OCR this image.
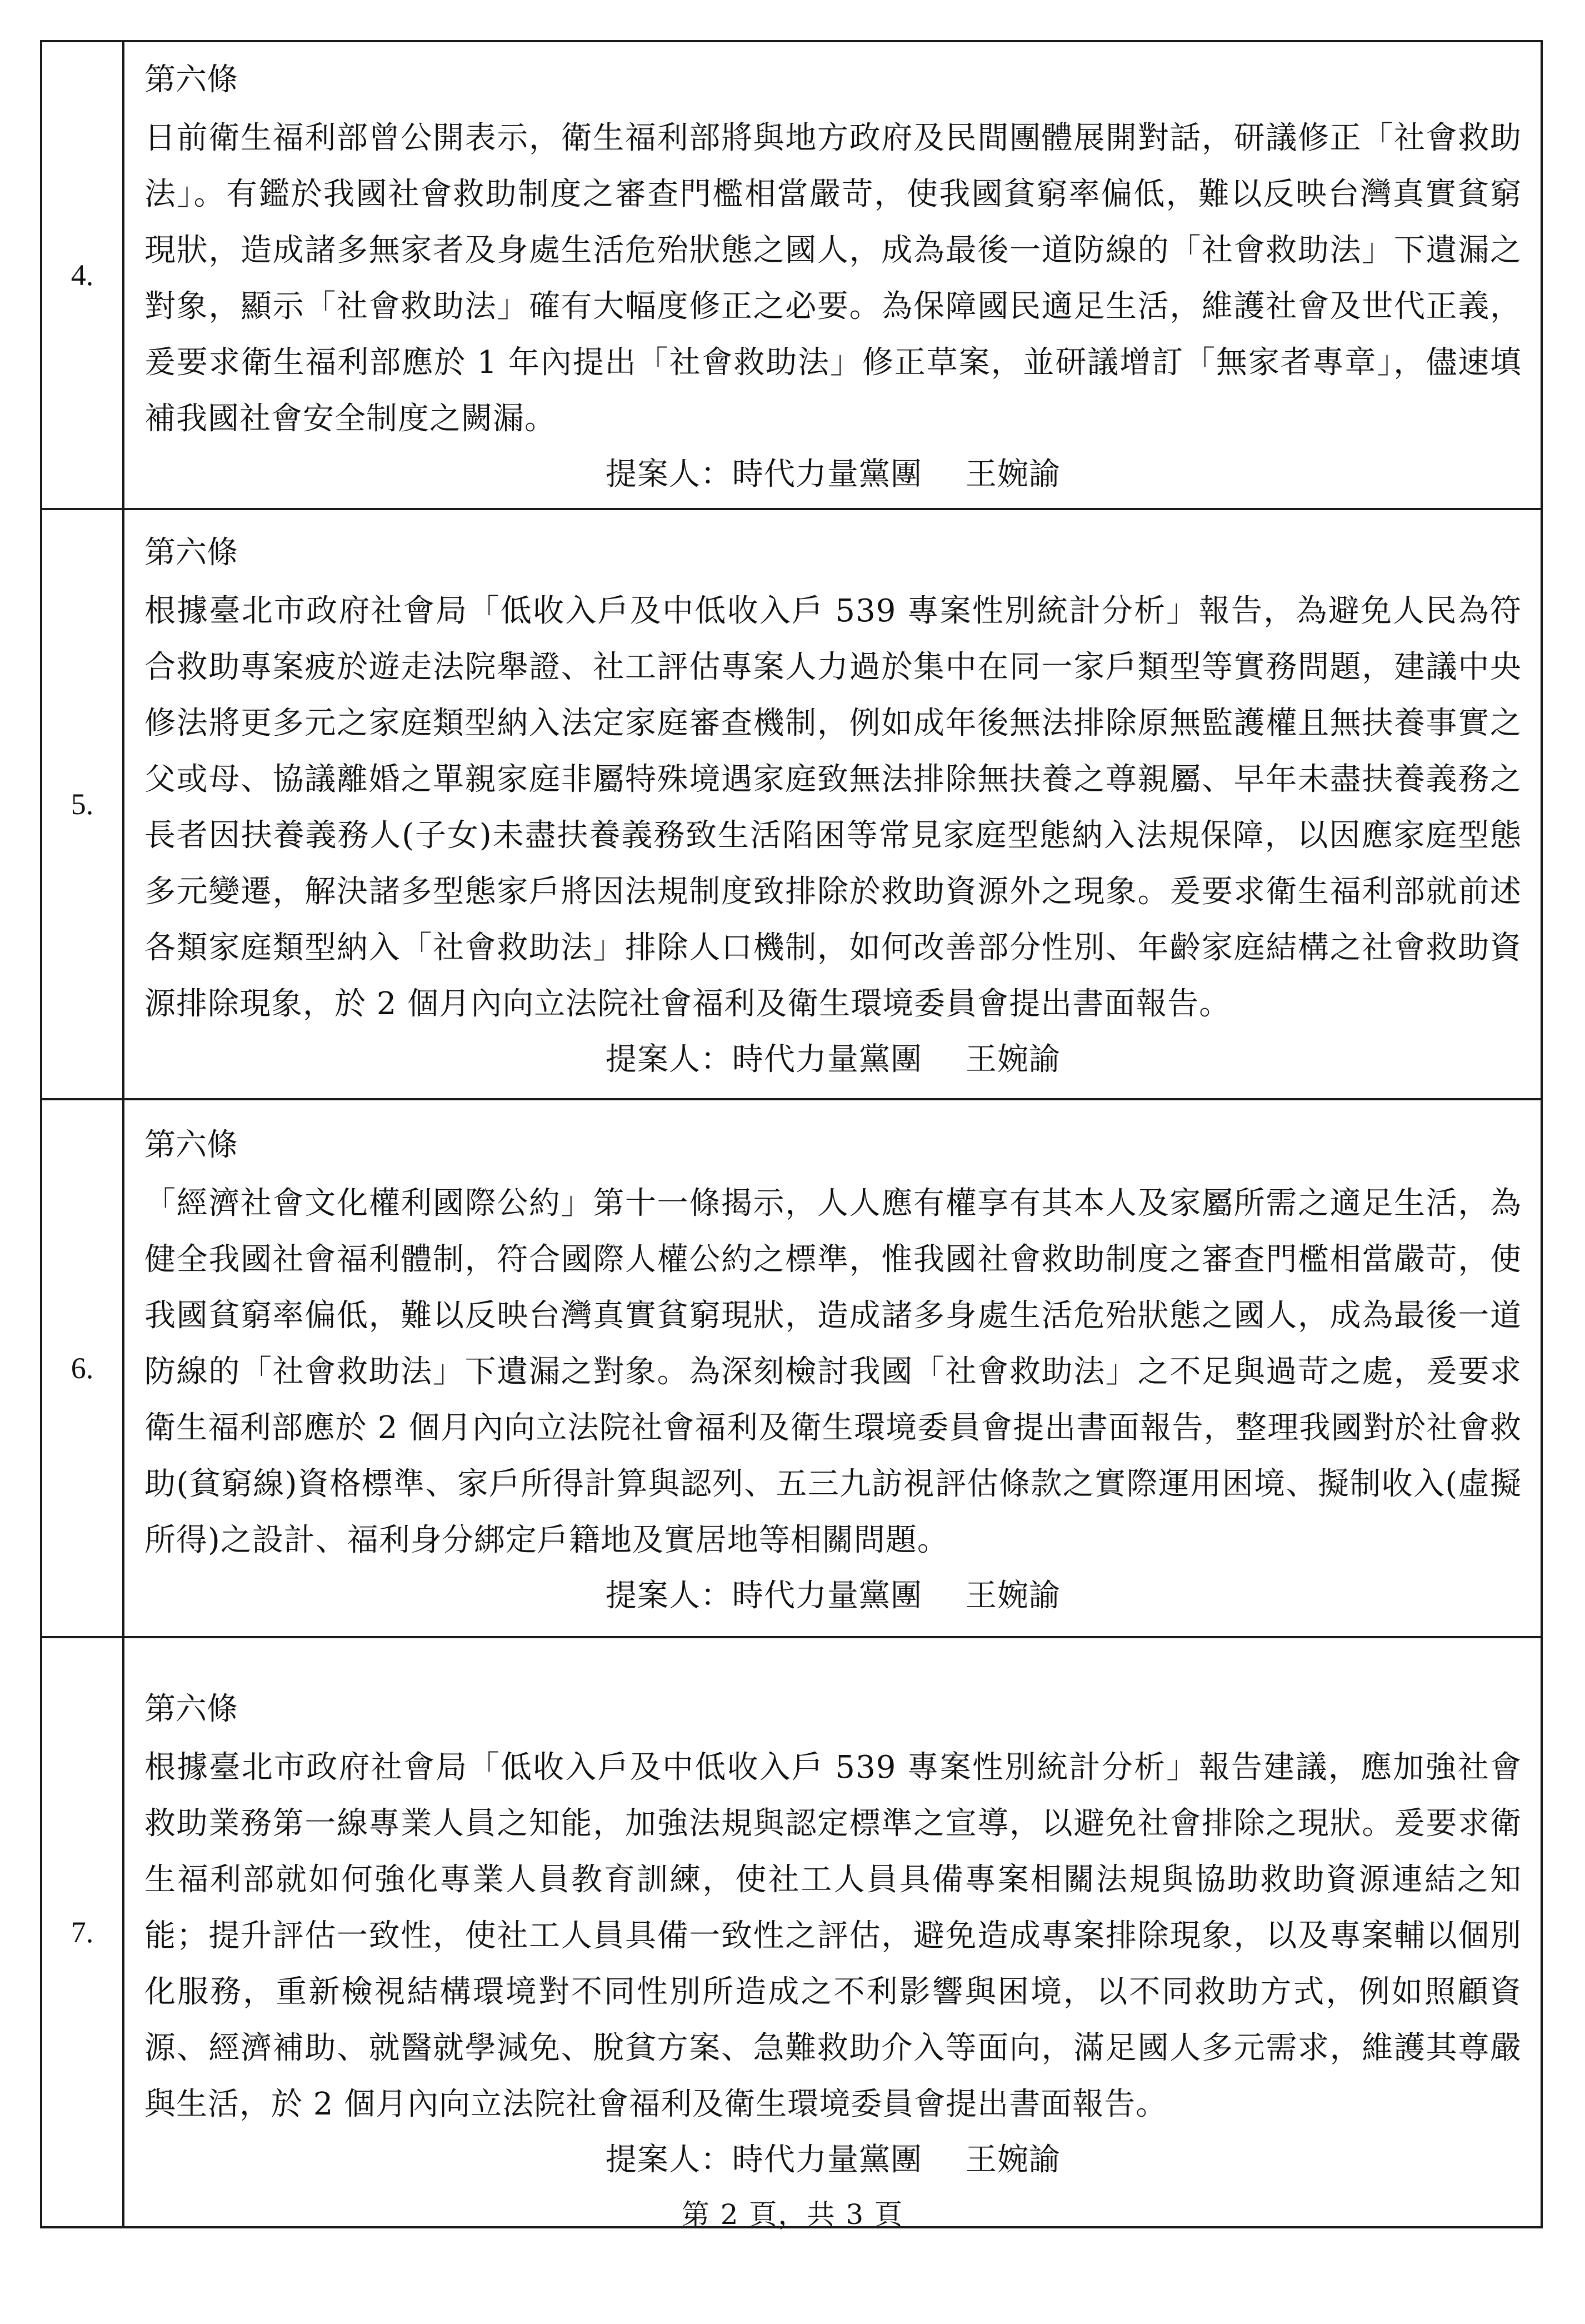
4.	第六條
日前衛生福利部曾公開表示，衛生福利部將與地方政府及民間團體展開對話，研議修正「社會救助法」。有鑑於我國社會救助制度之審查門檻相當嚴苛，使我國貧窮率偏低，難以反映台灣真實貧窮現狀，造成諸多無家者及身處生活危殆狀態之國人，成為最後一道防線的「社會救助法」下遺漏之對象，顯示「社會救助法」確有大幅度修正之必要。為保障國民適足生活，維護社會及世代正義，爰要求衛生福利部應於 1 年內提出「社會救助法」修正草案，並研議增訂「無家者專章」，儘速填補我國社會安全制度之闕漏。
提案人：時代力量黨團 王婉諭

5.	第六條
根據臺北市政府社會局「低收入戶及中低收入戶 539 專案性別統計分析」報告，為避免人民為符合救助專案疲於遊走法院舉證、社工評估專案人力過於集中在同一家戶類型等實務問題，建議中央修法將更多元之家庭類型納入法定家庭審查機制，例如成年後無法排除原無監護權且無扶養事實之父或母、協議離婚之單親家庭非屬特殊境遇家庭致無法排除無扶養之尊親屬、早年未盡扶養義務之長者因扶養義務人(子女)未盡扶養義務致生活陷困等常見家庭型態納入法規保障，以因應家庭型態多元變遷，解決諸多型態家戶將因法規制度致排除於救助資源外之現象。爰要求衛生福利部就前述各類家庭類型納入「社會救助法」排除人口機制，如何改善部分性別、年齡家庭結構之社會救助資源排除現象，於 2 個月內向立法院社會福利及衛生環境委員會提出書面報告。
提案人：時代力量黨團 王婉諭

6.	第六條
「經濟社會文化權利國際公約」第十一條揭示，人人應有權享有其本人及家屬所需之適足生活，為健全我國社會福利體制，符合國際人權公約之標準，惟我國社會救助制度之審查門檻相當嚴苛，使我國貧窮率偏低，難以反映台灣真實貧窮現狀，造成諸多身處生活危殆狀態之國人，成為最後一道防線的「社會救助法」下遺漏之對象。為深刻檢討我國「社會救助法」之不足與過苛之處，爰要求衛生福利部應於 2 個月內向立法院社會福利及衛生環境委員會提出書面報告，整理我國對於社會救助(貧窮線)資格標準、家戶所得計算與認列、五三九訪視評估條款之實際運用困境、擬制收入(虛擬所得)之設計、福利身分綁定戶籍地及實居地等相關問題。
提案人：時代力量黨團 王婉諭

7.	第六條
根據臺北市政府社會局「低收入戶及中低收入戶 539 專案性別統計分析」報告建議，應加強社會救助業務第一線專業人員之知能，加強法規與認定標準之宣導，以避免社會排除之現狀。爰要求衛生福利部就如何強化專業人員教育訓練，使社工人員具備專案相關法規與協助救助資源連結之知能；提升評估一致性，使社工人員具備一致性之評估，避免造成專案排除現象，以及專案輔以個別化服務，重新檢視結構環境對不同性別所造成之不利影響與困境，以不同救助方式，例如照顧資源、經濟補助、就醫就學減免、脫貧方案、急難救助介入等面向，滿足國人多元需求，維護其尊嚴與生活，於 2 個月內向立法院社會福利及衛生環境委員會提出書面報告。
提案人：時代力量黨團 王婉諭
第 2 頁，共 3 頁
